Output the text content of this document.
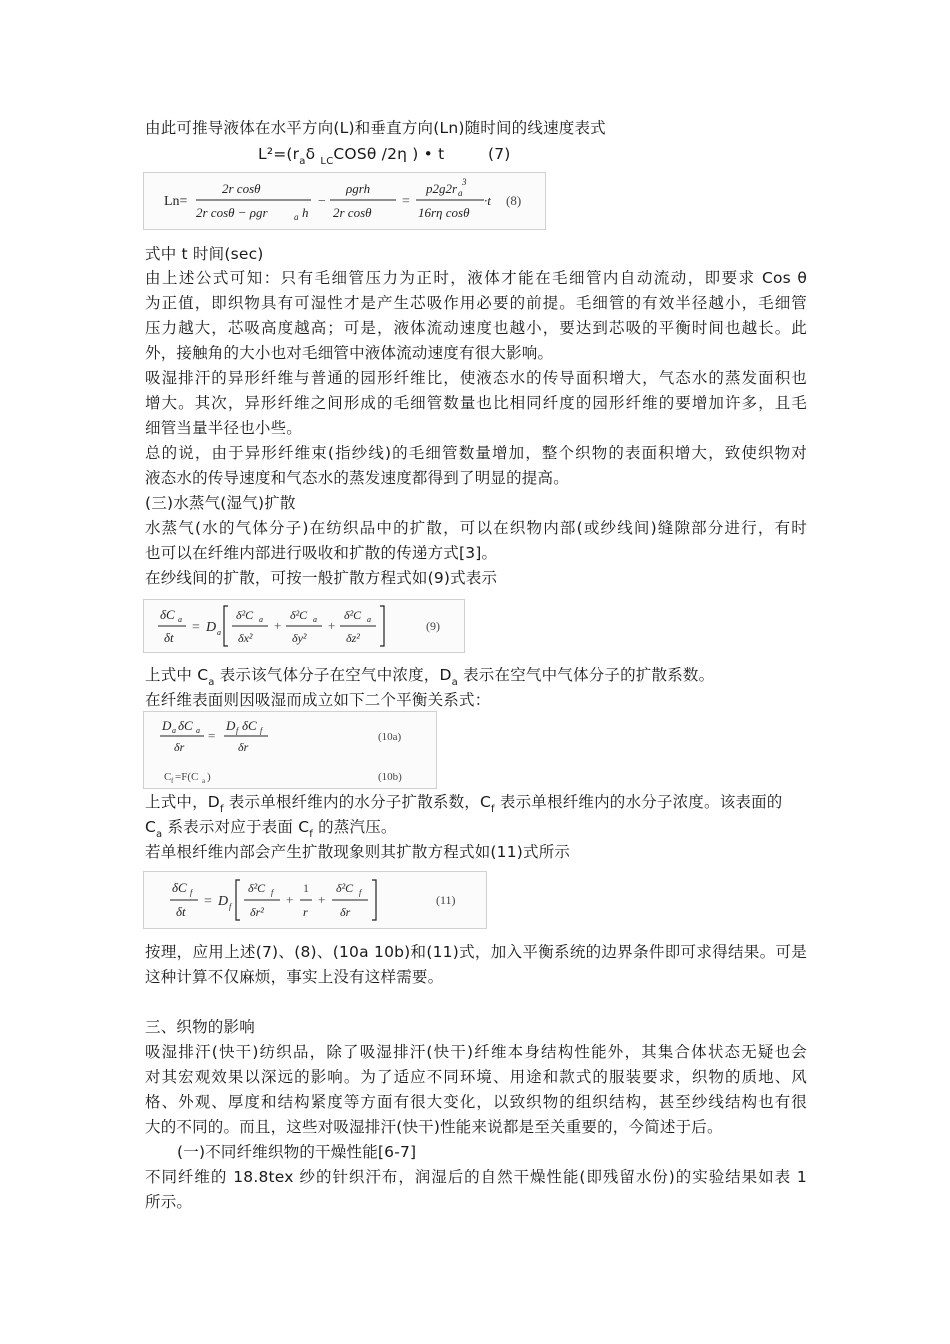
由此可推导液体在水平方向(L)和垂直方向(Ln)随时间的线速度表式
$L^2=(r_a\delta$ $_{LC}$COSθ /2η ) • t	(7)
Ln=
2r cosθ
2r cosθ − ρgr	a h
−
ρgrh
2r cosθ
=
p2g2r a
3
16rη cosθ
·t (8)
式中 t 时间(sec)
由上述公式可知：只有毛细管压力为正时，液体才能在毛细管内自动流动，即要求 Cos θ
为正值，即织物具有可湿性才是产生芯吸作用必要的前提。毛细管的有效半径越小，毛细管
压力越大，芯吸高度越高；可是，液体流动速度也越小，要达到芯吸的平衡时间也越长。此
外，接触角的大小也对毛细管中液体流动速度有很大影响。
吸湿排汗的异形纤维与普通的园形纤维比，使液态水的传导面积增大，气态水的蒸发面积也
增大。其次，异形纤维之间形成的毛细管数量也比相同纤度的园形纤维的要增加许多，且毛
细管当量半径也小些。
总的说，由于异形纤维束(指纱线)的毛细管数量增加，整个织物的表面积增大，致使织物对
液态水的传导速度和气态水的蒸发速度都得到了明显的提高。
(三)水蒸气(湿气)扩散
水蒸气(水的气体分子)在纺织品中的扩散，可以在织物内部(或纱线间)缝隙部分进行，有时
也可以在纤维内部进行吸收和扩散的传递方式[3]。
在纱线间的扩散，可按一般扩散方程式如(9)式表示
δC a
δt
= D a
δ²C a
δx²
+
δ²C a
δy²
+
δ²C a
δz²
(9)
上式中 $C_a$ 表示该气体分子在空气中浓度，$D_a$ 表示在空气中气体分子的扩散系数。
在纤维表面则因吸湿而成立如下二个平衡关系式：
D a δC a
δr
=
D f δC f
δr
(10a)
C f =F(C a )	(10b)
上式中，$D_f$ 表示单根纤维内的水分子扩散系数，$C_f$ 表示单根纤维内的水分子浓度。该表面的
$C_a$ 系表示对应于表面 $C_f$ 的蒸汽压。
若单根纤维内部会产生扩散现象则其扩散方程式如(11)式所示
δC f
δt
= D f
δ²C f
δr²
+
1
r
+
δ²C f
δr
(11)
按理，应用上述(7)、(8)、(10a 10b)和(11)式，加入平衡系统的边界条件即可求得结果。可是
这种计算不仅麻烦，事实上没有这样需要。
三、织物的影响
吸湿排汗(快干)纺织品，除了吸湿排汗(快干)纤维本身结构性能外，其集合体状态无疑也会
对其宏观效果以深远的影响。为了适应不同环境、用途和款式的服装要求，织物的质地、风
格、外观、厚度和结构紧度等方面有很大变化，以致织物的组织结构，甚至纱线结构也有很
大的不同的。而且，这些对吸湿排汗(快干)性能来说都是至关重要的，今简述于后。
(一)不同纤维织物的干燥性能[6-7]
不同纤维的 18.8tex 纱的针织汗布，润湿后的自然干燥性能(即残留水份)的实验结果如表 1
所示。
